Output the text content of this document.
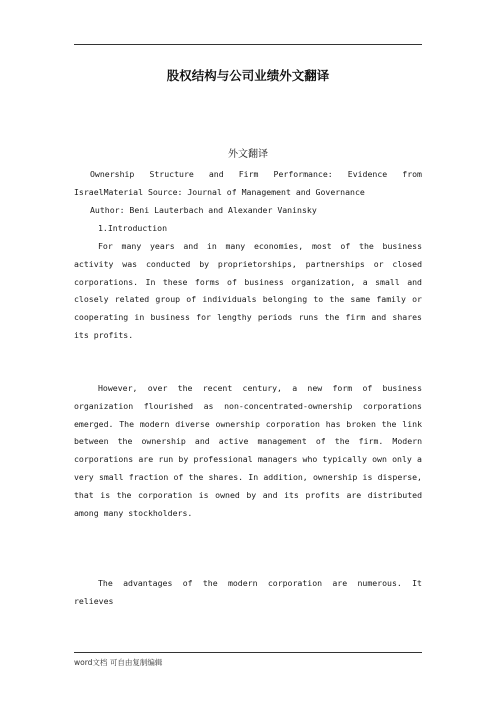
股权结构与公司业绩外文翻译
外文翻译

Ownership Structure and Firm Performance: Evidence from IsraelMaterial Source: Journal of Management and Governance

Author: Beni Lauterbach and Alexander Vaninsky

1.Introduction

For many years and in many economies, most of the business activity was conducted by proprietorships, partnerships or closed corporations. In these forms of business organization, a small and closely related group of individuals belonging to the same family or cooperating in business for lengthy periods runs the firm and shares its profits.

However, over the recent century, a new form of business organization flourished as non-concentrated-ownership corporations emerged. The modern diverse ownership corporation has broken the link between the ownership and active management of the firm. Modern corporations are run by professional managers who typically own only a very small fraction of the shares. In addition, ownership is disperse, that is the corporation is owned by and its profits are distributed among many stockholders.

The advantages of the modern corporation are numerous. It relieves

word文档 可自由复制编辑
